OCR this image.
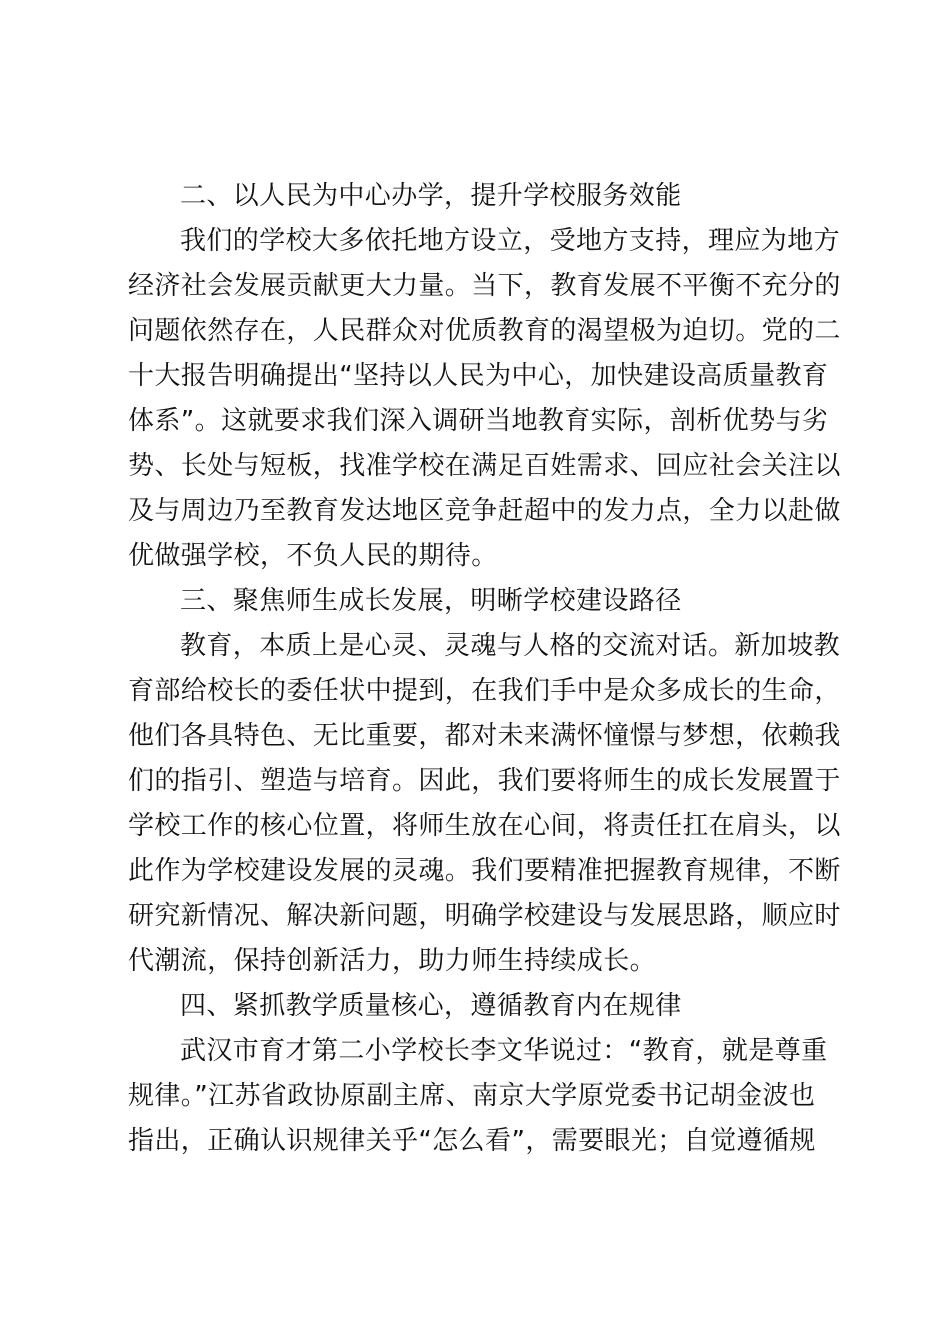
二、以人民为中心办学，提升学校服务效能
我们的学校大多依托地方设立，受地方支持，理应为地方
经济社会发展贡献更大力量。当下，教育发展不平衡不充分的
问题依然存在，人民群众对优质教育的渴望极为迫切。党的二
十大报告明确提出“坚持以人民为中心，加快建设高质量教育
体系”。这就要求我们深入调研当地教育实际，剖析优势与劣
势、长处与短板，找准学校在满足百姓需求、回应社会关注以
及与周边乃至教育发达地区竞争赶超中的发力点，全力以赴做
优做强学校，不负人民的期待。
三、聚焦师生成长发展，明晰学校建设路径
教育，本质上是心灵、灵魂与人格的交流对话。新加坡教
育部给校长的委任状中提到，在我们手中是众多成长的生命，
他们各具特色、无比重要，都对未来满怀憧憬与梦想，依赖我
们的指引、塑造与培育。因此，我们要将师生的成长发展置于
学校工作的核心位置，将师生放在心间，将责任扛在肩头，以
此作为学校建设发展的灵魂。我们要精准把握教育规律，不断
研究新情况、解决新问题，明确学校建设与发展思路，顺应时
代潮流，保持创新活力，助力师生持续成长。
四、紧抓教学质量核心，遵循教育内在规律
武汉市育才第二小学校长李文华说过：“教育，就是尊重
规律。”江苏省政协原副主席、南京大学原党委书记胡金波也
指出，正确认识规律关乎“怎么看”，需要眼光；自觉遵循规
